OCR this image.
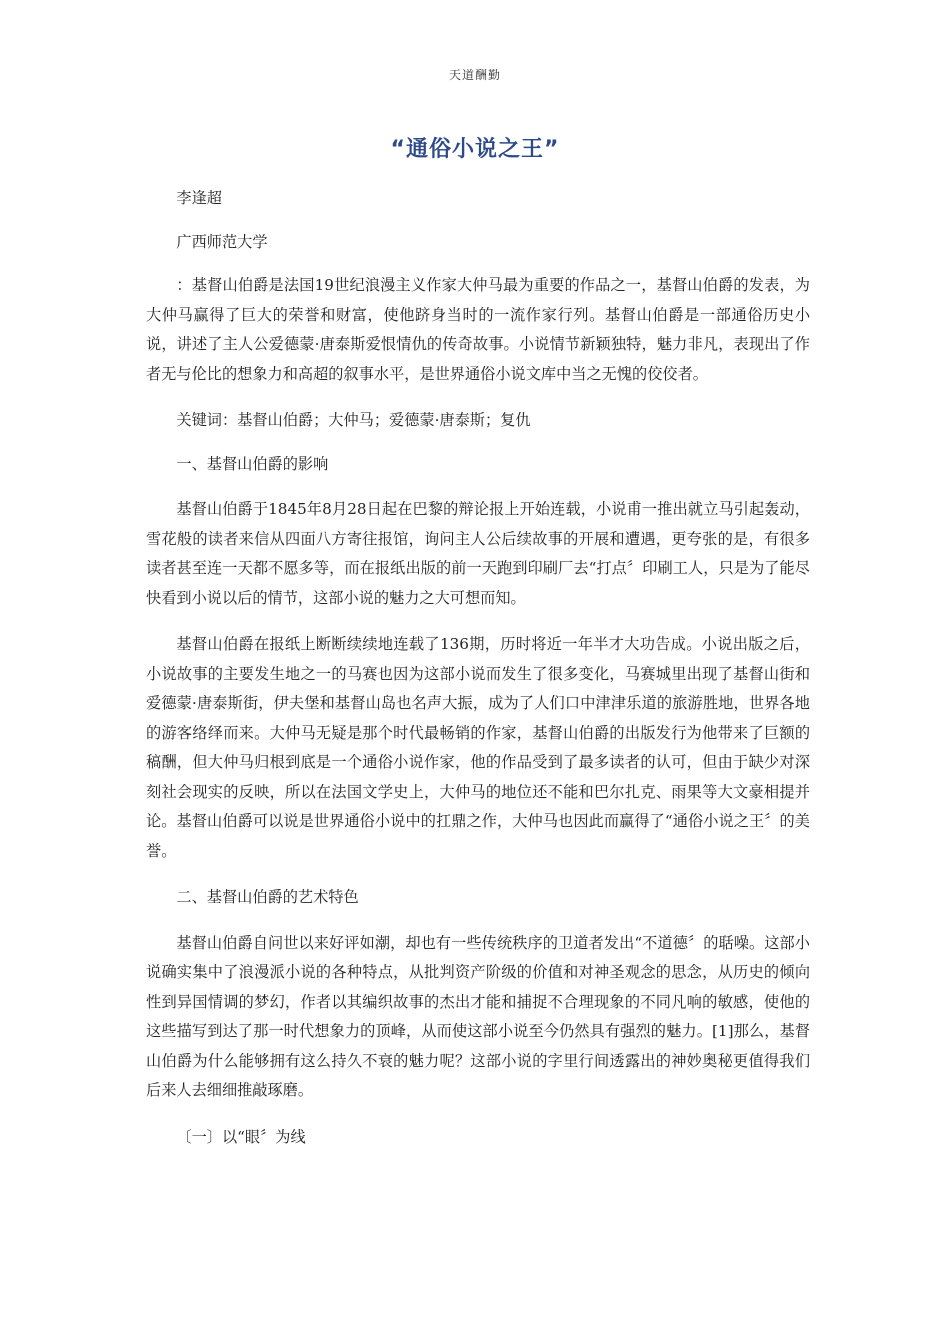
天道酬勤
“通俗小说之王”

李逢超

广西师范大学

：基督山伯爵是法国19世纪浪漫主义作家大仲马最为重要的作品之一，基督山伯爵的发表，为大仲马赢得了巨大的荣誉和财富，使他跻身当时的一流作家行列。基督山伯爵是一部通俗历史小说，讲述了主人公爱德蒙·唐泰斯爱恨情仇的传奇故事。小说情节新颖独特，魅力非凡，表现出了作者无与伦比的想象力和高超的叙事水平，是世界通俗小说文库中当之无愧的佼佼者。

关键词：基督山伯爵；大仲马；爱德蒙·唐泰斯；复仇

一、基督山伯爵的影响

基督山伯爵于1845年8月28日起在巴黎的辩论报上开始连载，小说甫一推出就立马引起轰动，雪花般的读者来信从四面八方寄往报馆，询问主人公后续故事的开展和遭遇，更夸张的是，有很多读者甚至连一天都不愿多等，而在报纸出版的前一天跑到印刷厂去“打点〞印刷工人，只是为了能尽快看到小说以后的情节，这部小说的魅力之大可想而知。

基督山伯爵在报纸上断断续续地连载了136期，历时将近一年半才大功告成。小说出版之后，小说故事的主要发生地之一的马赛也因为这部小说而发生了很多变化，马赛城里出现了基督山街和爱德蒙·唐泰斯街，伊夫堡和基督山岛也名声大振，成为了人们口中津津乐道的旅游胜地，世界各地的游客络绎而来。大仲马无疑是那个时代最畅销的作家，基督山伯爵的出版发行为他带来了巨额的稿酬，但大仲马归根到底是一个通俗小说作家，他的作品受到了最多读者的认可，但由于缺少对深刻社会现实的反映，所以在法国文学史上，大仲马的地位还不能和巴尔扎克、雨果等大文豪相提并论。基督山伯爵可以说是世界通俗小说中的扛鼎之作，大仲马也因此而赢得了“通俗小说之王〞的美誉。

二、基督山伯爵的艺术特色

基督山伯爵自问世以来好评如潮，却也有一些传统秩序的卫道者发出“不道德〞的聒噪。这部小说确实集中了浪漫派小说的各种特点，从批判资产阶级的价值和对神圣观念的思念，从历史的倾向性到异国情调的梦幻，作者以其编织故事的杰出才能和捕捉不合理现象的不同凡响的敏感，使他的这些描写到达了那一时代想象力的顶峰，从而使这部小说至今仍然具有强烈的魅力。[1]那么，基督山伯爵为什么能够拥有这么持久不衰的魅力呢？这部小说的字里行间透露出的神妙奥秘更值得我们后来人去细细推敲琢磨。

〔一〕以“眼〞为线
